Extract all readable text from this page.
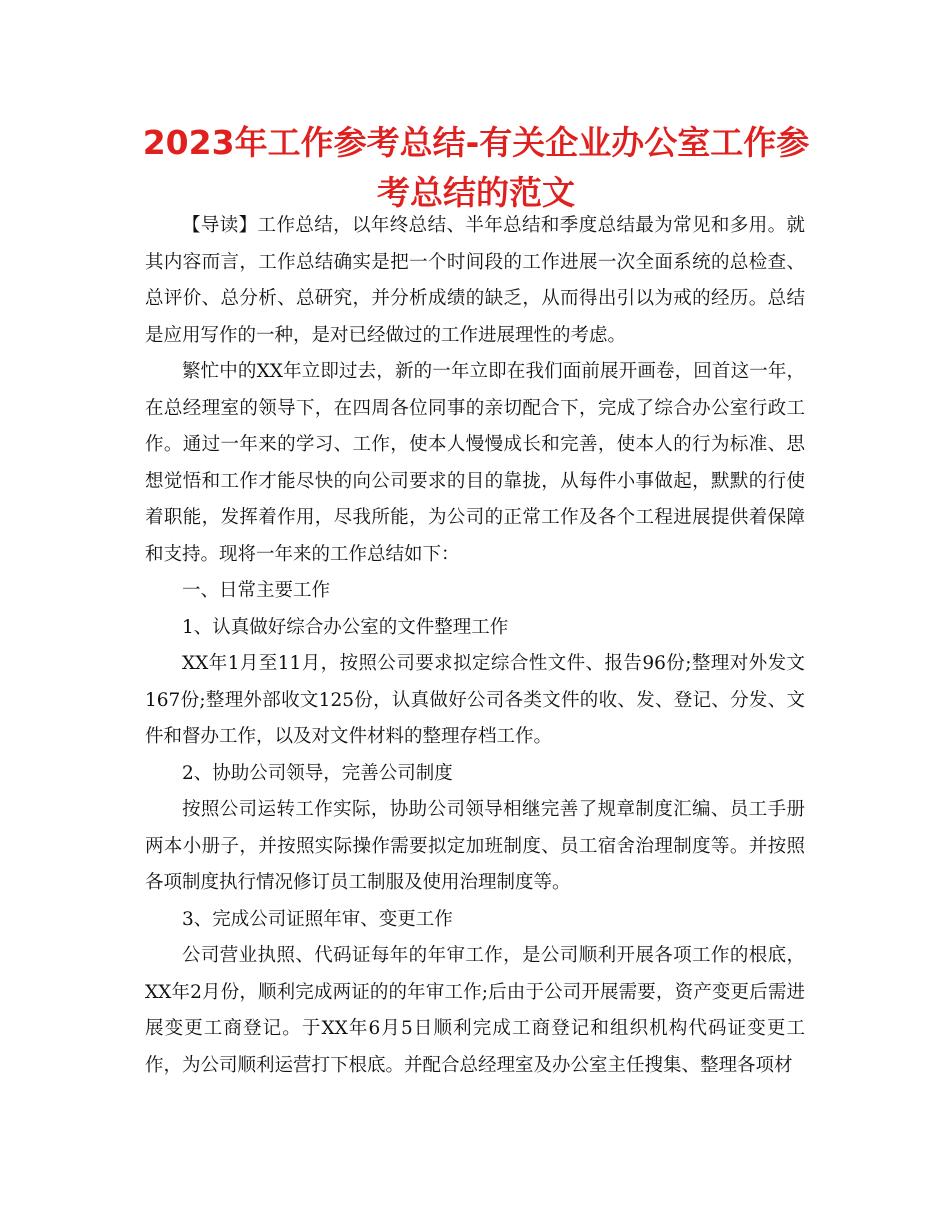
2023年工作参考总结-有关企业办公室工作参考总结的范文

【导读】工作总结，以年终总结、半年总结和季度总结最为常见和多用。就其内容而言，工作总结确实是把一个时间段的工作进展一次全面系统的总检查、总评价、总分析、总研究，并分析成绩的缺乏，从而得出引以为戒的经历。总结是应用写作的一种，是对已经做过的工作进展理性的考虑。

繁忙中的XX年立即过去，新的一年立即在我们面前展开画卷，回首这一年，在总经理室的领导下，在四周各位同事的亲切配合下，完成了综合办公室行政工作。通过一年来的学习、工作，使本人慢慢成长和完善，使本人的行为标准、思想觉悟和工作才能尽快的向公司要求的目的靠拢，从每件小事做起，默默的行使着职能，发挥着作用，尽我所能，为公司的正常工作及各个工程进展提供着保障和支持。现将一年来的工作总结如下：

一、日常主要工作

1、认真做好综合办公室的文件整理工作

XX年1月至11月，按照公司要求拟定综合性文件、报告96份;整理对外发文167份;整理外部收文125份，认真做好公司各类文件的收、发、登记、分发、文件和督办工作，以及对文件材料的整理存档工作。

2、协助公司领导，完善公司制度

按照公司运转工作实际，协助公司领导相继完善了规章制度汇编、员工手册两本小册子，并按照实际操作需要拟定加班制度、员工宿舍治理制度等。并按照各项制度执行情况修订员工制服及使用治理制度等。

3、完成公司证照年审、变更工作

公司营业执照、代码证每年的年审工作，是公司顺利开展各项工作的根底，XX年2月份，顺利完成两证的的年审工作;后由于公司开展需要，资产变更后需进展变更工商登记。于XX年6月5日顺利完成工商登记和组织机构代码证变更工作，为公司顺利运营打下根底。并配合总经理室及办公室主任搜集、整理各项材
